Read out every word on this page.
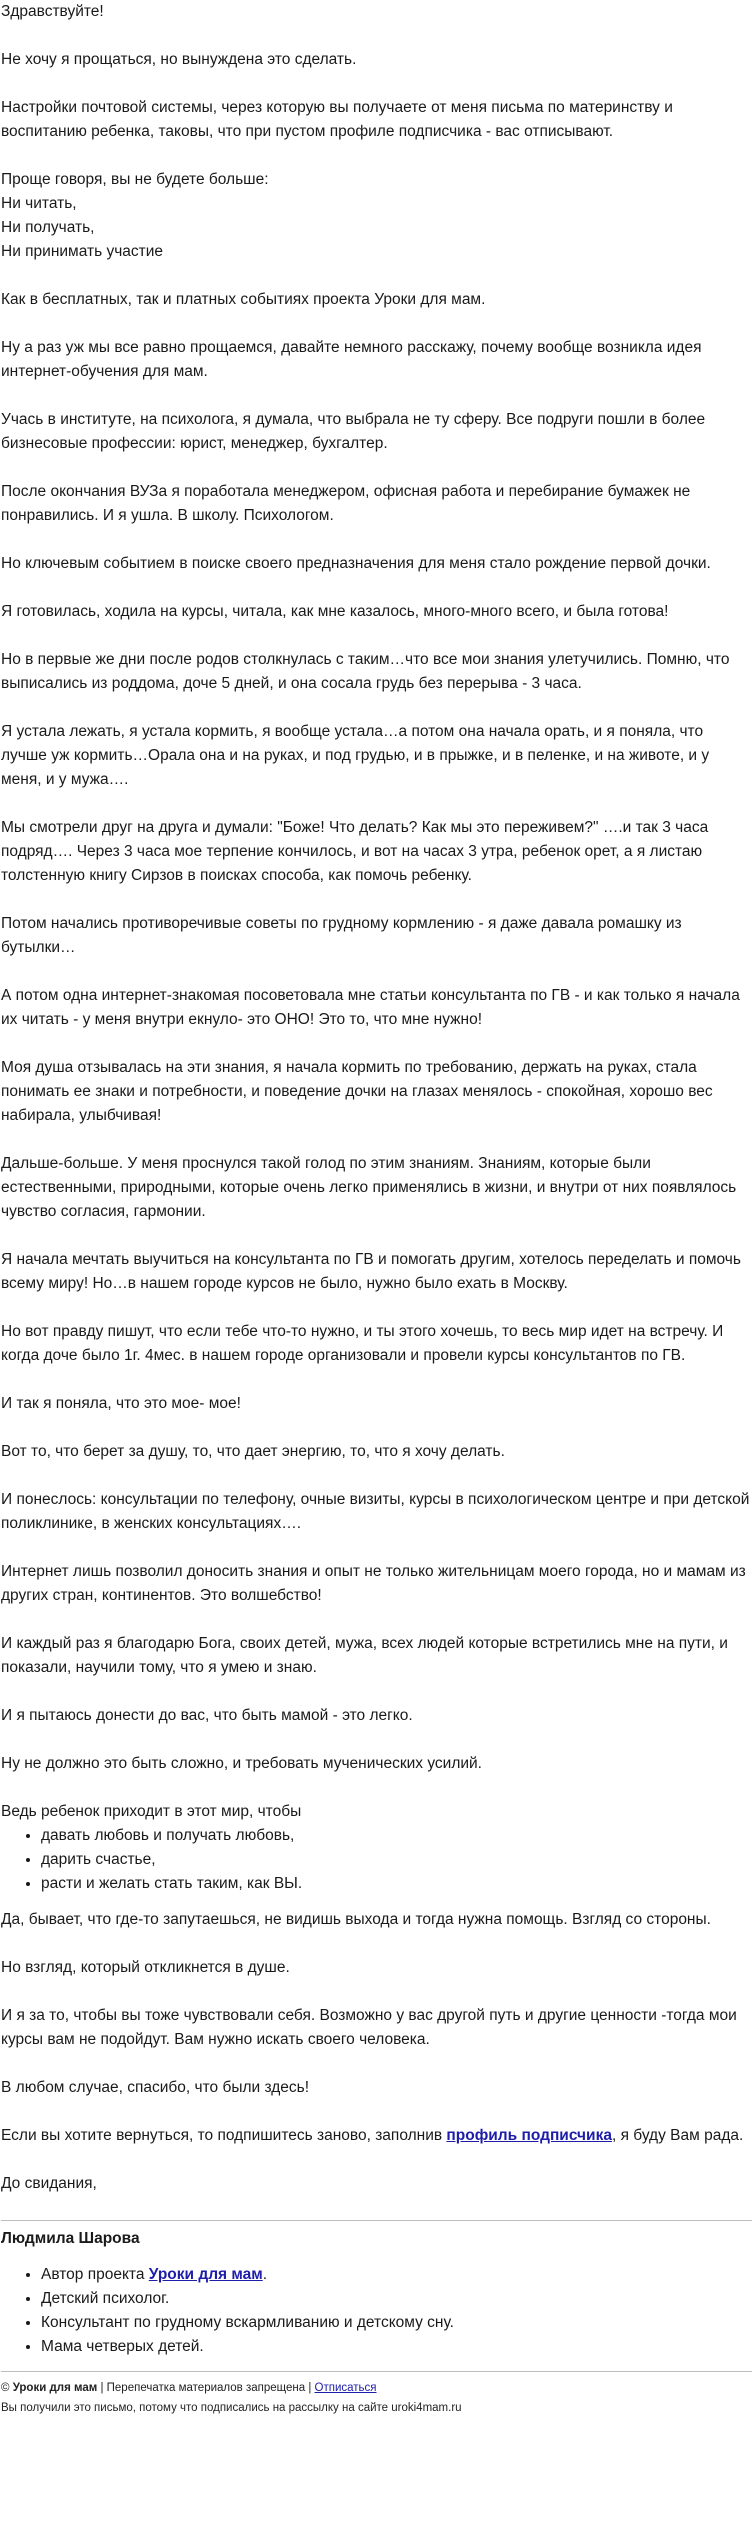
Здравствуйте!

Не хочу я прощаться, но вынуждена это сделать.

Настройки почтовой системы, через которую вы получаете от меня письма по материнству и воспитанию ребенка, таковы, что при пустом профиле подписчика - вас отписывают.

Проще говоря, вы не будете больше:
Ни читать,
Ни получать,
Ни принимать участие

Как в бесплатных, так и платных событиях проекта Уроки для мам.

Ну а раз уж мы все равно прощаемся, давайте немного расскажу, почему вообще возникла идея интернет-обучения для мам.

Учась в институте, на психолога, я думала, что выбрала не ту сферу. Все подруги пошли в более бизнесовые профессии: юрист, менеджер, бухгалтер.

После окончания ВУЗа я поработала менеджером, офисная работа и перебирание бумажек не понравились. И я ушла. В школу. Психологом.

Но ключевым событием в поиске своего предназначения для меня стало рождение первой дочки.

Я готовилась, ходила на курсы, читала, как мне казалось, много-много всего, и была готова!

Но в первые же дни после родов столкнулась с таким…что все мои знания улетучились. Помню, что выписались из роддома, доче 5 дней, и она сосала грудь без перерыва - 3 часа.

Я устала лежать, я устала кормить, я вообще устала…а потом она начала орать, и я поняла, что лучше уж кормить…Орала она и на руках, и под грудью, и в прыжке, и в пеленке, и на животе, и у меня, и у мужа….

Мы смотрели друг на друга и думали: "Боже! Что делать? Как мы это переживем?" ….и так 3 часа подряд…. Через 3 часа мое терпение кончилось, и вот на часах 3 утра, ребенок орет, а я листаю толстенную книгу Сирзов в поисках способа, как помочь ребенку.

Потом начались противоречивые советы по грудному кормлению - я даже давала ромашку из бутылки…

А потом одна интернет-знакомая посоветовала мне статьи консультанта по ГВ - и как только я начала их читать - у меня внутри екнуло- это ОНО! Это то, что мне нужно!

Моя душа отзывалась на эти знания, я начала кормить по требованию, держать на руках, стала понимать ее знаки и потребности, и поведение дочки на глазах менялось - спокойная, хорошо вес набирала, улыбчивая!

Дальше-больше. У меня проснулся такой голод по этим знаниям. Знаниям, которые были естественными, природными, которые очень легко применялись в жизни, и внутри от них появлялось чувство согласия, гармонии.

Я начала мечтать выучиться на консультанта по ГВ и помогать другим, хотелось переделать и помочь всему миру! Но…в нашем городе курсов не было, нужно было ехать в Москву.

Но вот правду пишут, что если тебе что-то нужно, и ты этого хочешь, то весь мир идет на встречу. И когда доче было 1г. 4мес. в нашем городе организовали и провели курсы консультантов по ГВ.

И так я поняла, что это мое- мое!

Вот то, что берет за душу, то, что дает энергию, то, что я хочу делать.

И понеслось: консультации по телефону, очные визиты, курсы в психологическом центре и при детской поликлинике, в женских консультациях….

Интернет лишь позволил доносить знания и опыт не только жительницам моего города, но и мамам из других стран, континентов. Это волшебство!

И каждый раз я благодарю Бога, своих детей, мужа, всех людей которые встретились мне на пути, и показали, научили тому, что я умею и знаю.

И я пытаюсь донести до вас, что быть мамой - это легко.

Ну не должно это быть сложно, и требовать мученических усилий.

Ведь ребенок приходит в этот мир, чтобы

• давать любовь и получать любовь,
• дарить счастье,
• расти и желать стать таким, как ВЫ.

Да, бывает, что где-то запутаешься, не видишь выхода и тогда нужна помощь. Взгляд со стороны.

Но взгляд, который откликнется в душе.

И я за то, чтобы вы тоже чувствовали себя. Возможно у вас другой путь и другие ценности -тогда мои курсы вам не подойдут. Вам нужно искать своего человека.

В любом случае, спасибо, что были здесь!

Если вы хотите вернуться, то подпишитесь заново, заполнив профиль подписчика, я буду Вам рада.

До свидания,

Людмила Шарова
• Автор проекта Уроки для мам.
• Детский психолог.
• Консультант по грудному вскармливанию и детскому сну.
• Мама четверых детей.
© Уроки для мам | Перепечатка материалов запрещена | Отписаться
Вы получили это письмо, потому что подписались на рассылку на сайте uroki4mam.ru
